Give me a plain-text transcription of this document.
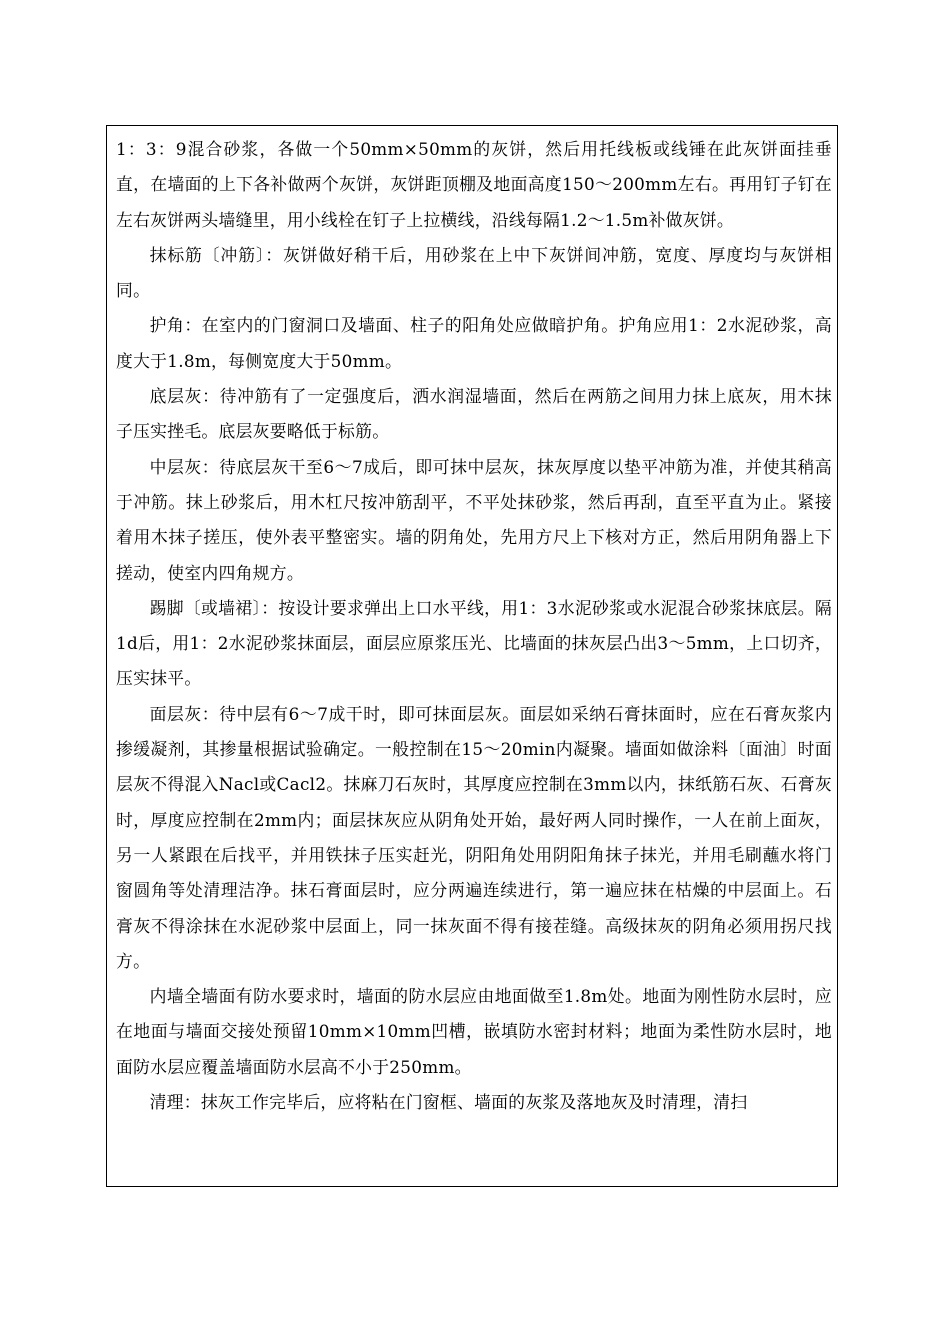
1：3：9混合砂浆，各做一个50mm×50mm的灰饼，然后用托线板或线锤在此灰饼面挂垂直，在墙面的上下各补做两个灰饼，灰饼距顶棚及地面高度150～200mm左右。再用钉子钉在左右灰饼两头墙缝里，用小线栓在钉子上拉横线，沿线每隔1.2～1.5m补做灰饼。

抹标筋〔冲筋〕：灰饼做好稍干后，用砂浆在上中下灰饼间冲筋，宽度、厚度均与灰饼相同。

护角：在室内的门窗洞口及墙面、柱子的阳角处应做暗护角。护角应用1：2水泥砂浆，高度大于1.8m，每侧宽度大于50mm。

底层灰：待冲筋有了一定强度后，洒水润湿墙面，然后在两筋之间用力抹上底灰，用木抹子压实挫毛。底层灰要略低于标筋。

中层灰：待底层灰干至6～7成后，即可抹中层灰，抹灰厚度以垫平冲筋为准，并使其稍高于冲筋。抹上砂浆后，用木杠尺按冲筋刮平，不平处抹砂浆，然后再刮，直至平直为止。紧接着用木抹子搓压，使外表平整密实。墙的阴角处，先用方尺上下核对方正，然后用阴角器上下搓动，使室内四角规方。

踢脚〔或墙裙〕：按设计要求弹出上口水平线，用1：3水泥砂浆或水泥混合砂浆抹底层。隔1d后，用1：2水泥砂浆抹面层，面层应原浆压光、比墙面的抹灰层凸出3～5mm，上口切齐，压实抹平。

面层灰：待中层有6～7成干时，即可抹面层灰。面层如采纳石膏抹面时，应在石膏灰浆内掺缓凝剂，其掺量根据试验确定。一般控制在15～20min内凝聚。墙面如做涂料〔面油〕时面层灰不得混入Nacl或Cacl2。抹麻刀石灰时，其厚度应控制在3mm以内，抹纸筋石灰、石膏灰时，厚度应控制在2mm内；面层抹灰应从阴角处开始，最好两人同时操作，一人在前上面灰，另一人紧跟在后找平，并用铁抹子压实赶光，阴阳角处用阴阳角抹子抹光，并用毛刷蘸水将门窗圆角等处清理洁净。抹石膏面层时，应分两遍连续进行，第一遍应抹在枯燥的中层面上。石膏灰不得涂抹在水泥砂浆中层面上，同一抹灰面不得有接茬缝。高级抹灰的阴角必须用拐尺找方。

内墙全墙面有防水要求时，墙面的防水层应由地面做至1.8m处。地面为刚性防水层时，应在地面与墙面交接处预留10mm×10mm凹槽，嵌填防水密封材料；地面为柔性防水层时，地面防水层应覆盖墙面防水层高不小于250mm。

清理：抹灰工作完毕后，应将粘在门窗框、墙面的灰浆及落地灰及时清理，清扫
